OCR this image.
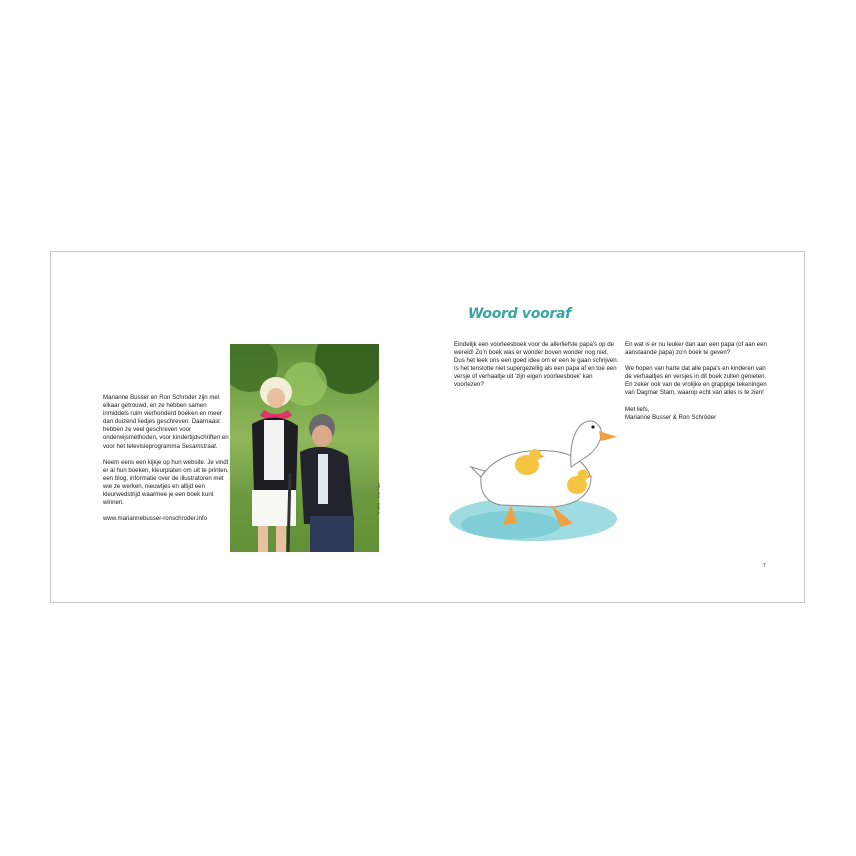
Marianne Busser en Ron Schröder zijn met elkaar getrouwd, en ze hebben samen inmiddels ruim vierhonderd boeken en meer dan duizend liedjes geschreven. Daarnaast hebben ze veel geschreven voor onderwijsmethoden, voor kindertijdschriften en voor het televisieprogramma Sesamstraat.

Neem eens een kijkje op hun website. Je vindt er al hun boeken, kleurplaten om uit te printen, een blog, informatie over de illustratoren met wie ze werken, nieuwtjes en altijd een kleurwedstrijd waarmee je een boek kunt winnen.

www.mariannebusser-ronschroder.info

© HFO – Jelle Fitkz
Woord vooraf

Eindelijk een voorleesboek voor de allerliefste papa's op de wereld! Zo'n boek was er wonder boven wonder nog niet. Dus het leek ons een goed idee om er een te gaan schrijven. Is het tenslotte niet supergezellig als een papa af en toe een versje of verhaaltje uit 'zijn eigen voorleesboek' kan voorlezen?

En wat is er nu leuker dan aan een papa (of aan een aanstaande papa) zo'n boek te geven?

We hopen van harte dat alle papa's en kinderen van de verhaaltjes en versjes in dit boek zullen genieten. En zeker ook van de vrolijke en grappige tekeningen van Dagmar Stam, waarop echt van alles is te zien!

Met liefs,
Marianne Busser & Ron Schröder

7
